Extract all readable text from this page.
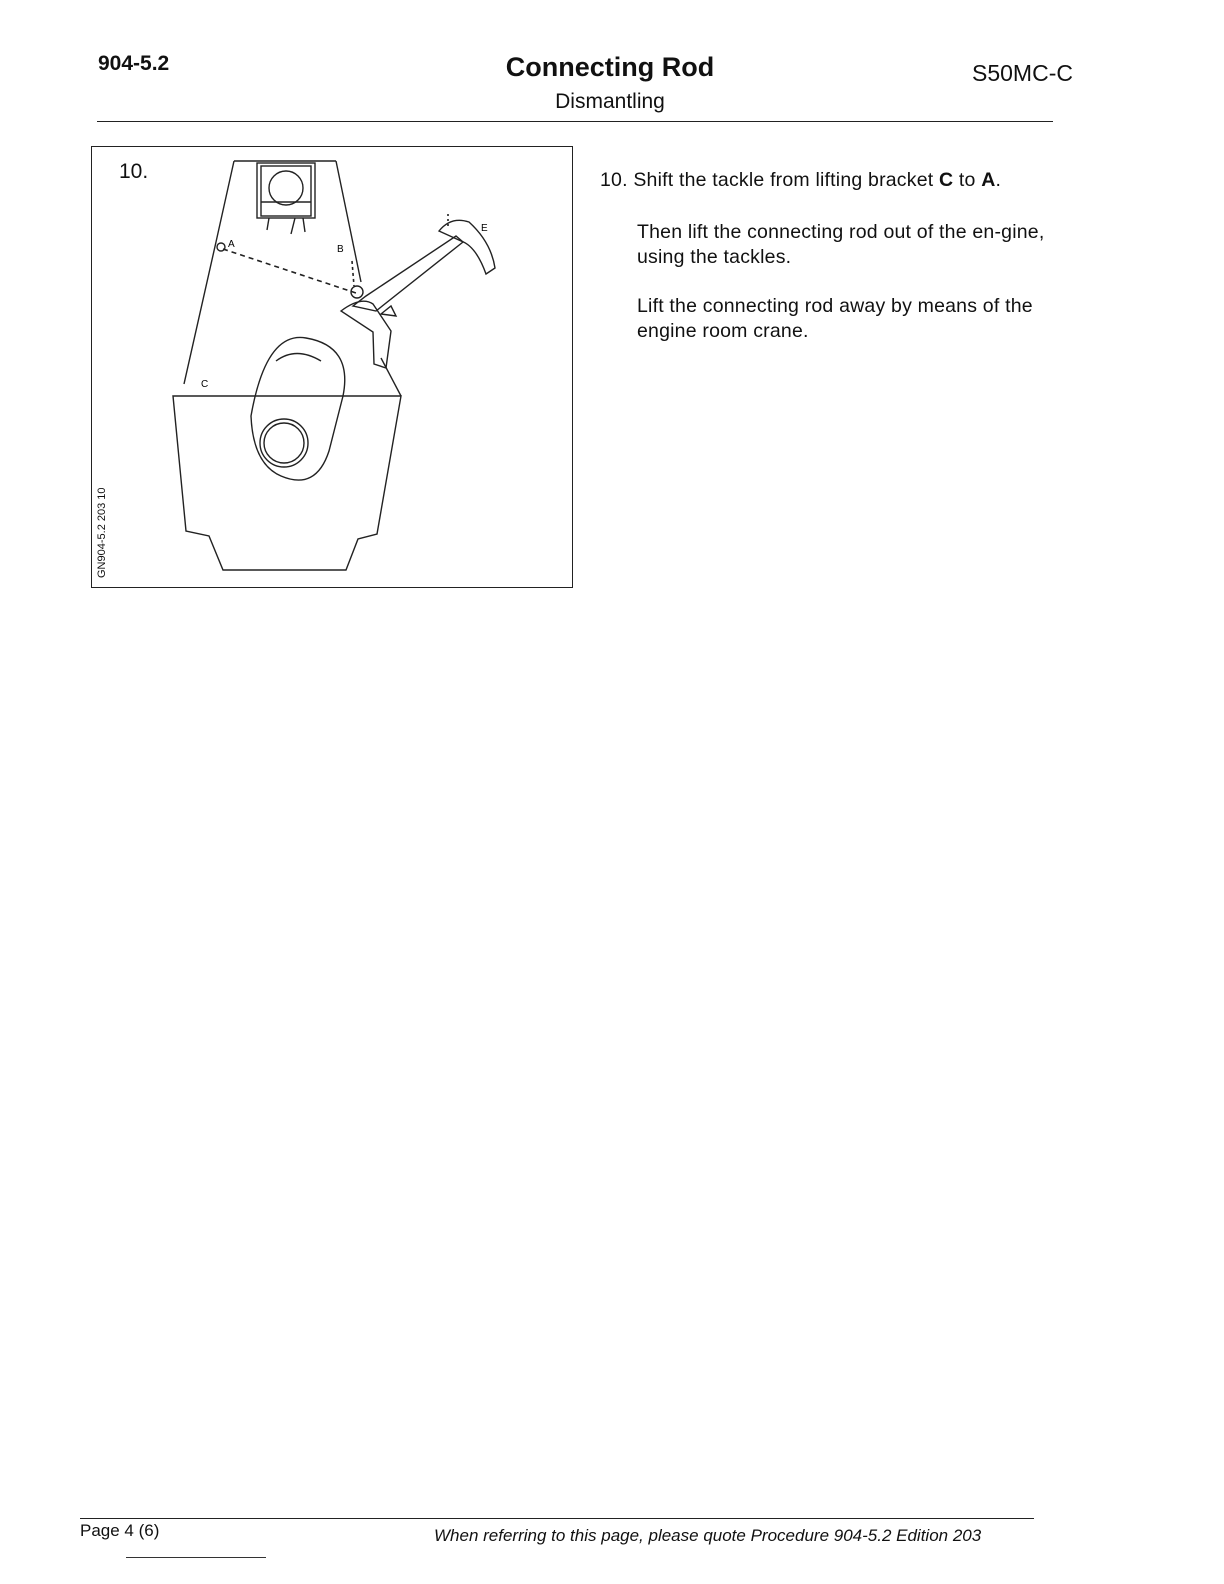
904-5.2	Connecting Rod
Dismantling
S50MC-C
A	B
C
E
10.
GN904-5.2 203 10
10. Shift the tackle from lifting bracket C to A.
Then lift the connecting rod out of the en-gine, using the tackles.
Lift the connecting rod away by means of the engine room crane.
Page 4 (6)	When referring to this page, please quote Procedure 904-5.2 Edition 203
